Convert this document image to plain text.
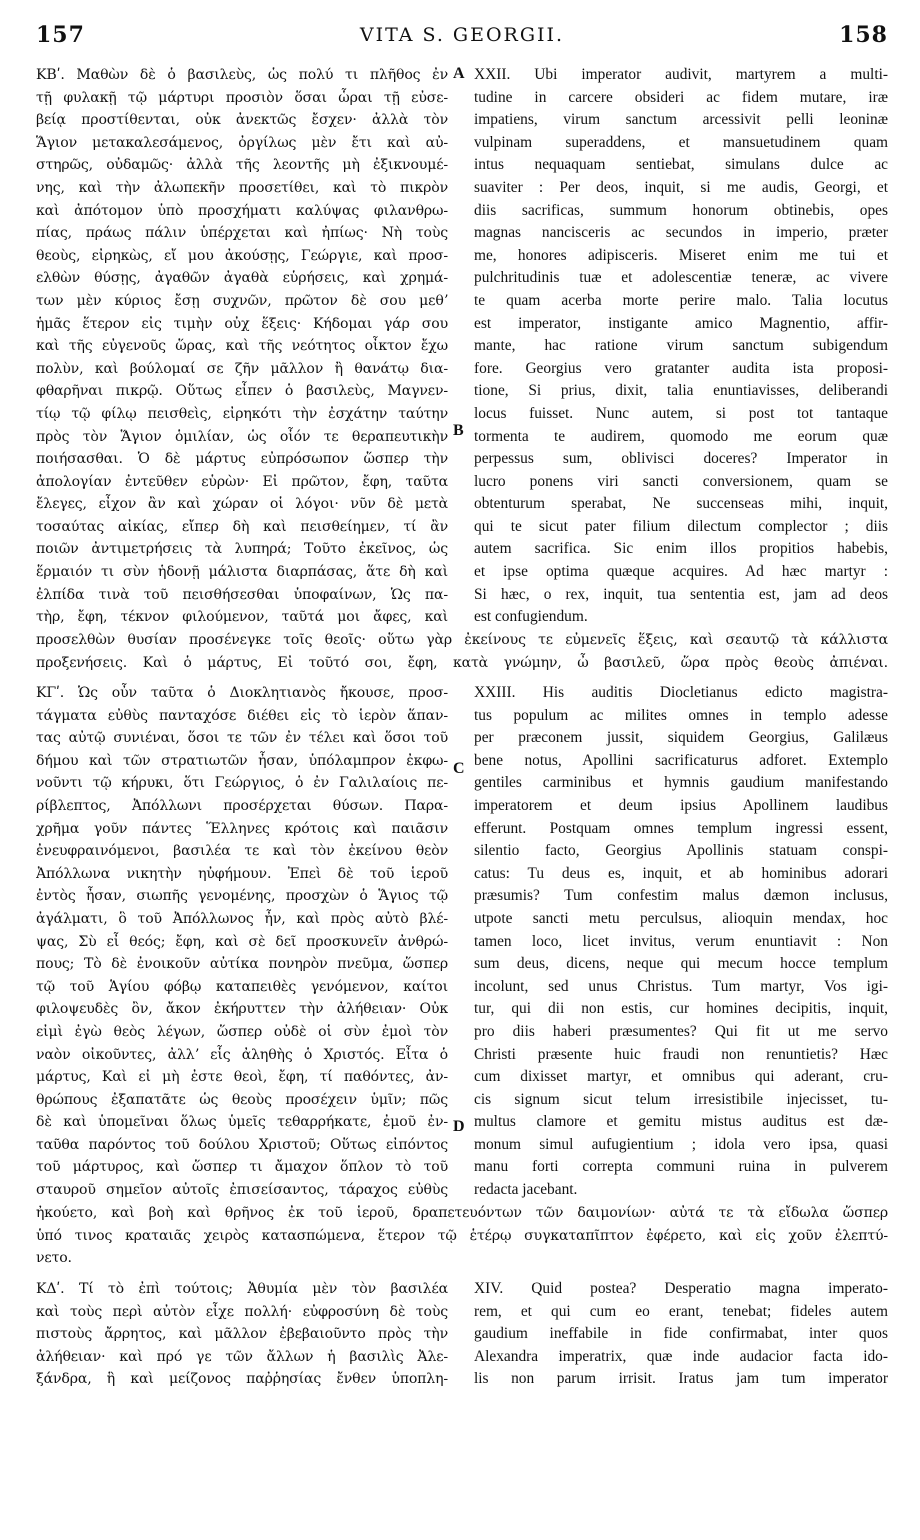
157	VITA S. GEORGII.	158
A
B
C
D
ΚΒʹ. Μαθὼν δὲ ὁ βασιλεὺς, ὡς πολύ τι πλῆθος ἐν
τῇ φυλακῇ τῷ μάρτυρι προσιὸν ὅσαι ὧραι τῇ εὐσε-
βείᾳ προστίθενται, οὐκ ἀνεκτῶς ἔσχεν· ἀλλὰ τὸν
Ἅγιον μετακαλεσάμενος, ὀργίλως μὲν ἔτι καὶ αὐ-
στηρῶς, οὐδαμῶς· ἀλλὰ τῆς λεοντῆς μὴ ἐξικνουμέ-
νης, καὶ τὴν ἀλωπεκῆν προσετίθει, καὶ τὸ πικρὸν
καὶ ἀπότομον ὑπὸ προσχήματι καλύψας φιλανθρω-
πίας, πράως πάλιν ὑπέρχεται καὶ ἠπίως· Νὴ τοὺς
θεοὺς, εἰρηκὼς, εἴ μου ἀκούσῃς, Γεώργιε, καὶ προσ-
ελθὼν θύσῃς, ἀγαθῶν ἀγαθὰ εὑρήσεις, καὶ χρημά-
των μὲν κύριος ἔσῃ συχνῶν, πρῶτον δὲ σου μεθʼ
ἡμᾶς ἕτερον εἰς τιμὴν οὐχ ἕξεις· Κήδομαι γάρ σου
καὶ τῆς εὐγενοῦς ὥρας, καὶ τῆς νεότητος οἶκτον ἔχω
πολὺν, καὶ βούλομαί σε ζῆν μᾶλλον ἢ θανάτῳ δια-
φθαρῆναι πικρῷ. Οὕτως εἶπεν ὁ βασιλεὺς, Μαγνεν-
τίῳ τῷ φίλῳ πεισθεὶς, εἰρηκότι τὴν ἐσχάτην ταύτην
πρὸς τὸν Ἅγιον ὁμιλίαν, ὡς οἷόν τε θεραπευτικὴν
ποιήσασθαι. Ὁ δὲ μάρτυς εὐπρόσωπον ὥσπερ τὴν
ἀπολογίαν ἐντεῦθεν εὑρὼν· Εἰ πρῶτον, ἔφη, ταῦτα
ἔλεγες, εἶχον ἂν καὶ χώραν οἱ λόγοι· νῦν δὲ μετὰ
τοσαύτας αἰκίας, εἴπερ δὴ καὶ πεισθείημεν, τί ἂν
ποιῶν ἀντιμετρήσεις τὰ λυπηρά; Τοῦτο ἐκεῖνος, ὡς
ἕρμαιόν τι σὺν ἡδονῇ μάλιστα διαρπάσας, ἅτε δὴ καὶ
ἐλπίδα τινὰ τοῦ πεισθήσεσθαι ὑποφαίνων, Ὡς πα-
τὴρ, ἔφη, τέκνον φιλούμενον, ταῦτά μοι ἄφες, καὶ
XXII. Ubi imperator audivit, martyrem a multi-
tudine in carcere obsideri ac fidem mutare, iræ
impatiens, virum sanctum arcessivit pelli leoninæ
vulpinam superaddens, et mansuetudinem quam
intus nequaquam sentiebat, simulans dulce ac
suaviter : Per deos, inquit, si me audis, Georgi, et
diis sacrificas, summum honorum obtinebis, opes
magnas nancisceris ac secundos in imperio, præter
me, honores adipisceris. Miseret enim me tui et
pulchritudinis tuæ et adolescentiæ teneræ, ac vivere
te quam acerba morte perire malo. Talia locutus
est imperator, instigante amico Magnentio, affir-
mante, hac ratione virum sanctum subigendum
fore. Georgius vero gratanter audita ista proposi-
tione, Si prius, dixit, talia enuntiavisses, deliberandi
locus fuisset. Nunc autem, si post tot tantaque
tormenta te audirem, quomodo me eorum quæ
perpessus sum, oblivisci doceres? Imperator in
lucro ponens viri sancti conversionem, quam se
obtenturum sperabat, Ne succenseas mihi, inquit,
qui te sicut pater filium dilectum complector ; diis
autem sacrifica. Sic enim illos propitios habebis,
et ipse optima quæque acquires. Ad hæc martyr :
Si hæc, o rex, inquit, tua sententia est, jam ad deos
est confugiendum.
προσελθὼν θυσίαν προσένεγκε τοῖς θεοῖς· οὕτω γὰρ ἐκείνους τε εὐμενεῖς ἕξεις, καὶ σεαυτῷ τὰ κάλλιστα
προξενήσεις. Καὶ ὁ μάρτυς, Εἰ τοῦτό σοι, ἔφη, κατὰ γνώμην, ὦ βασιλεῦ, ὥρα πρὸς θεοὺς ἀπιέναι.
ΚΓʹ. Ὡς οὖν ταῦτα ὁ Διοκλητιανὸς ἤκουσε, προσ-
τάγματα εὐθὺς πανταχόσε διέθει εἰς τὸ ἱερὸν ἅπαν-
τας αὐτῷ συνιέναι, ὅσοι τε τῶν ἐν τέλει καὶ ὅσοι τοῦ
δήμου καὶ τῶν στρατιωτῶν ἦσαν, ὑπόλαμπρον ἐκφω-
νοῦντι τῷ κήρυκι, ὅτι Γεώργιος, ὁ ἐν Γαλιλαίοις πε-
ρίβλεπτος, Ἀπόλλωνι προσέρχεται θύσων. Παρα-
χρῆμα γοῦν πάντες Ἕλληνες κρότοις καὶ παιᾶσιν
ἐνευφραινόμενοι, βασιλέα τε καὶ τὸν ἐκείνου θεὸν
Ἀπόλλωνα νικητὴν ηὐφήμουν. Ἐπεὶ δὲ τοῦ ἱεροῦ
ἐντὸς ἦσαν, σιωπῆς γενομένης, προσχὼν ὁ Ἅγιος τῷ
ἀγάλματι, ὃ τοῦ Ἀπόλλωνος ἦν, καὶ πρὸς αὐτὸ βλέ-
ψας, Σὺ εἶ θεός; ἔφη, καὶ σὲ δεῖ προσκυνεῖν ἀνθρώ-
πους; Τὸ δὲ ἐνοικοῦν αὐτίκα πονηρὸν πνεῦμα, ὥσπερ
τῷ τοῦ Ἁγίου φόβῳ καταπειθὲς γενόμενον, καίτοι
φιλοψευδὲς ὂν, ἄκον ἐκήρυττεν τὴν ἀλήθειαν· Οὐκ
εἰμὶ ἐγὼ θεὸς λέγων, ὥσπερ οὐδὲ οἱ σὺν ἐμοὶ τὸν
ναὸν οἰκοῦντες, ἀλλʼ εἷς ἀληθὴς ὁ Χριστός. Εἶτα ὁ
μάρτυς, Καὶ εἰ μὴ ἐστε θεοὶ, ἔφη, τί παθόντες, ἀν-
θρώπους ἐξαπατᾶτε ὡς θεοὺς προσέχειν ὑμῖν; πῶς
δὲ καὶ ὑπομεῖναι ὅλως ὑμεῖς τεθαρρήκατε, ἐμοῦ ἐν-
ταῦθα παρόντος τοῦ δούλου Χριστοῦ; Οὕτως εἰπόντος
τοῦ μάρτυρος, καὶ ὥσπερ τι ἄμαχον ὅπλον τὸ τοῦ
σταυροῦ σημεῖον αὐτοῖς ἐπισείσαντος, τάραχος εὐθὺς
XXIII. His auditis Diocletianus edicto magistra-
tus populum ac milites omnes in templo adesse
per præconem jussit, siquidem Georgius, Galilæus
bene notus, Apollini sacrificaturus adforet. Extemplo
gentiles carminibus et hymnis gaudium manifestando
imperatorem et deum ipsius Apollinem laudibus
efferunt. Postquam omnes templum ingressi essent,
silentio facto, Georgius Apollinis statuam conspi-
catus: Tu deus es, inquit, et ab hominibus adorari
præsumis? Tum confestim malus dæmon inclusus,
utpote sancti metu perculsus, alioquin mendax, hoc
tamen loco, licet invitus, verum enuntiavit : Non
sum deus, dicens, neque qui mecum hocce templum
incolunt, sed unus Christus. Tum martyr, Vos igi-
tur, qui dii non estis, cur homines decipitis, inquit,
pro diis haberi præsumentes? Qui fit ut me servo
Christi præsente huic fraudi non renuntietis? Hæc
cum dixisset martyr, et omnibus qui aderant, cru-
cis signum sicut telum irresistibile injecisset, tu-
multus clamore et gemitu mistus auditus est dæ-
monum simul aufugientium ; idola vero ipsa, quasi
manu forti correpta communi ruina in pulverem
redacta jacebant.
ἠκούετο, καὶ βοὴ καὶ θρῆνος ἐκ τοῦ ἱεροῦ, δραπετευόντων τῶν δαιμονίων· αὐτά τε τὰ εἴδωλα ὥσπερ
ὑπό τινος κραταιᾶς χειρὸς κατασπώμενα, ἕτερον τῷ ἑτέρῳ συγκαταπῖπτον ἐφέρετο, καὶ εἰς χοῦν ἐλεπτύ-
νετο.
ΚΔʹ. Τί τὸ ἐπὶ τούτοις; Ἀθυμία μὲν τὸν βασιλέα
καὶ τοὺς περὶ αὐτὸν εἶχε πολλή· εὐφροσύνη δὲ τοὺς
πιστοὺς ἄρρητος, καὶ μᾶλλον ἐβεβαιοῦντο πρὸς τὴν
ἀλήθειαν· καὶ πρό γε τῶν ἄλλων ἡ βασιλὶς Ἀλε-
ξάνδρα, ἣ καὶ μείζονος παῤῥησίας ἔνθεν ὑποπλη-
XIV. Quid postea? Desperatio magna imperato-
rem, et qui cum eo erant, tenebat; fideles autem
gaudium ineffabile in fide confirmabat, inter quos
Alexandra imperatrix, quæ inde audacior facta ido-
lis non parum irrisit. Iratus jam tum imperator
